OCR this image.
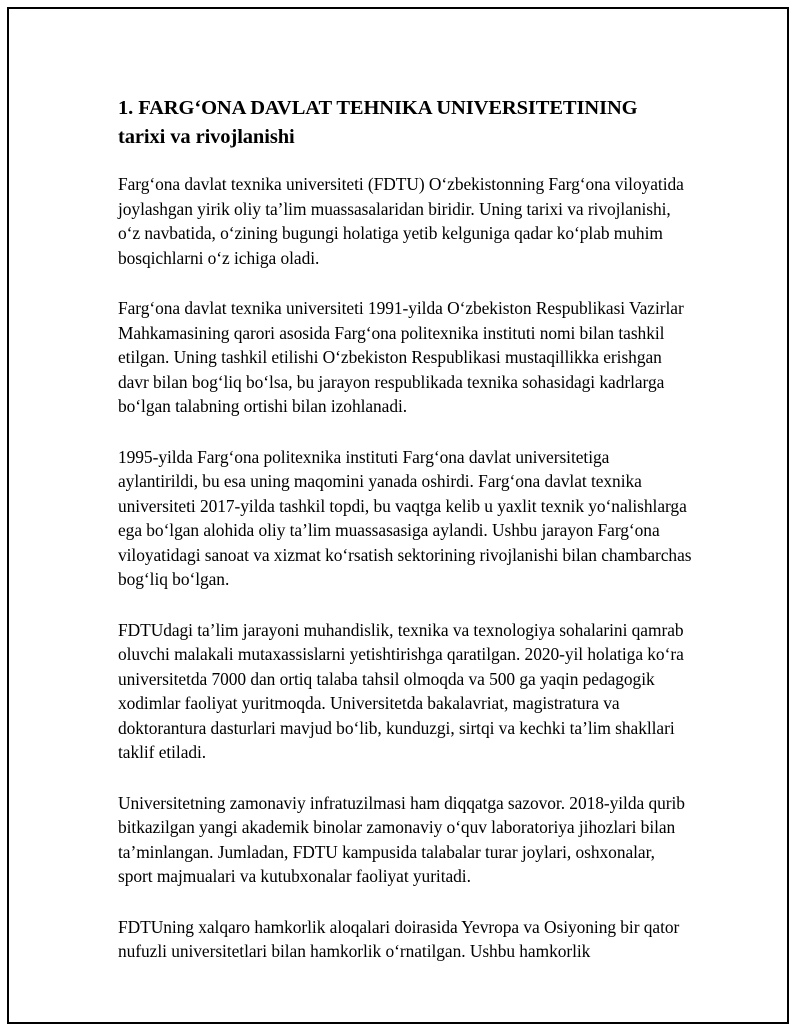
1. FARG‘ONA DAVLAT TEHNIKA UNIVERSITETINING
tarixi va rivojlanishi

Farg‘ona davlat texnika universiteti (FDTU) O‘zbekistonning Farg‘ona viloyatida joylashgan yirik oliy ta’lim muassasalaridan biridir. Uning tarixi va rivojlanishi, o‘z navbatida, o‘zining bugungi holatiga yetib kelguniga qadar ko‘plab muhim bosqichlarni o‘z ichiga oladi.

Farg‘ona davlat texnika universiteti 1991-yilda O‘zbekiston Respublikasi Vazirlar Mahkamasining qarori asosida Farg‘ona politexnika instituti nomi bilan tashkil etilgan. Uning tashkil etilishi O‘zbekiston Respublikasi mustaqillikka erishgan davr bilan bog‘liq bo‘lsa, bu jarayon respublikada texnika sohasidagi kadrlarga bo‘lgan talabning ortishi bilan izohlanadi.

1995-yilda Farg‘ona politexnika instituti Farg‘ona davlat universitetiga aylantirildi, bu esa uning maqomini yanada oshirdi. Farg‘ona davlat texnika universiteti 2017-yilda tashkil topdi, bu vaqtga kelib u yaxlit texnik yo‘nalishlarga ega bo‘lgan alohida oliy ta’lim muassasasiga aylandi. Ushbu jarayon Farg‘ona viloyatidagi sanoat va xizmat ko‘rsatish sektorining rivojlanishi bilan chambarchas bog‘liq bo‘lgan.

FDTUdagi ta’lim jarayoni muhandislik, texnika va texnologiya sohalarini qamrab oluvchi malakali mutaxassislarni yetishtirishga qaratilgan. 2020-yil holatiga ko‘ra universitetda 7000 dan ortiq talaba tahsil olmoqda va 500 ga yaqin pedagogik xodimlar faoliyat yuritmoqda. Universitetda bakalavriat, magistratura va doktorantura dasturlari mavjud bo‘lib, kunduzgi, sirtqi va kechki ta’lim shakllari taklif etiladi.

Universitetning zamonaviy infratuzilmasi ham diqqatga sazovor. 2018-yilda qurib bitkazilgan yangi akademik binolar zamonaviy o‘quv laboratoriya jihozlari bilan ta’minlangan. Jumladan, FDTU kampusida talabalar turar joylari, oshxonalar, sport majmualari va kutubxonalar faoliyat yuritadi.

FDTUning xalqaro hamkorlik aloqalari doirasida Yevropa va Osiyoning bir qator nufuzli universitetlari bilan hamkorlik o‘rnatilgan. Ushbu hamkorlik
